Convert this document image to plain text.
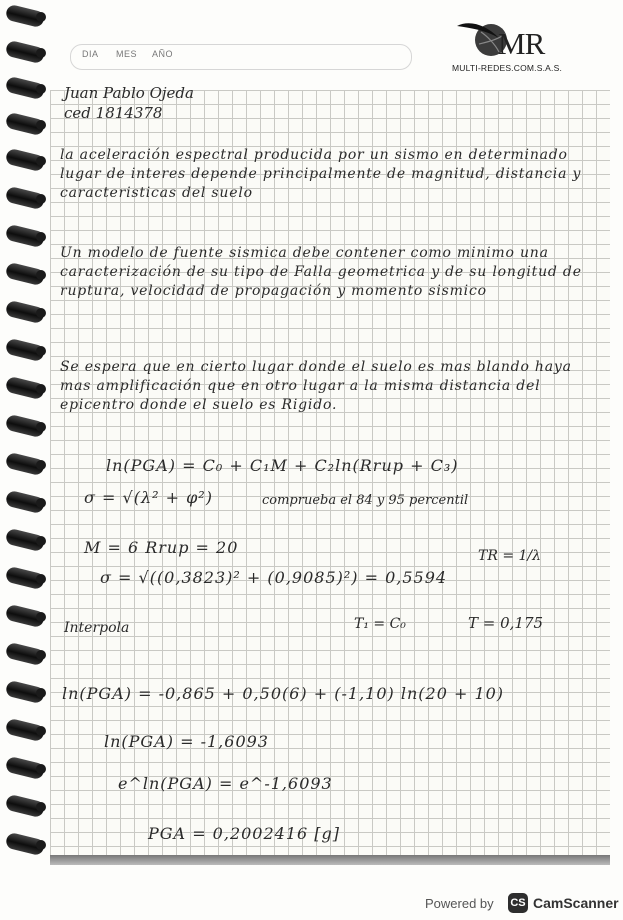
DIA MES AÑO	MR
MULTI-REDES.COM.S.A.S.
Juan Pablo Ojeda
ced 1814378
la aceleración espectral producida por un sismo en determinado lugar de interes depende principalmente de magnitud, distancia y caracteristicas del suelo
Un modelo de fuente sismica debe contener como minimo una caracterización de su tipo de Falla geometrica y de su longitud de ruptura, velocidad de propagación y momento sismico
Se espera que en cierto lugar donde el suelo es mas blando haya mas amplificación que en otro lugar a la misma distancia del epicentro donde el suelo es Rigido.
ln(PGA) = C₀ + C₁M + C₂ln(Rrup + C₃)
σ = √(λ² + φ²)	comprueba el 84 y 95 percentil
M = 6 Rrup = 20	TR = 1/λ
σ = √((0,3823)² + (0,9085)²) = 0,5594
Interpola	T₁ = C₀	T = 0,175
ln(PGA) = -0,865 + 0,50(6) + (-1,10) ln(20 + 10)
ln(PGA) = -1,6093
e^ln(PGA) = e^-1,6093
PGA = 0,2002416 [g]
Powered by CS CamScanner
